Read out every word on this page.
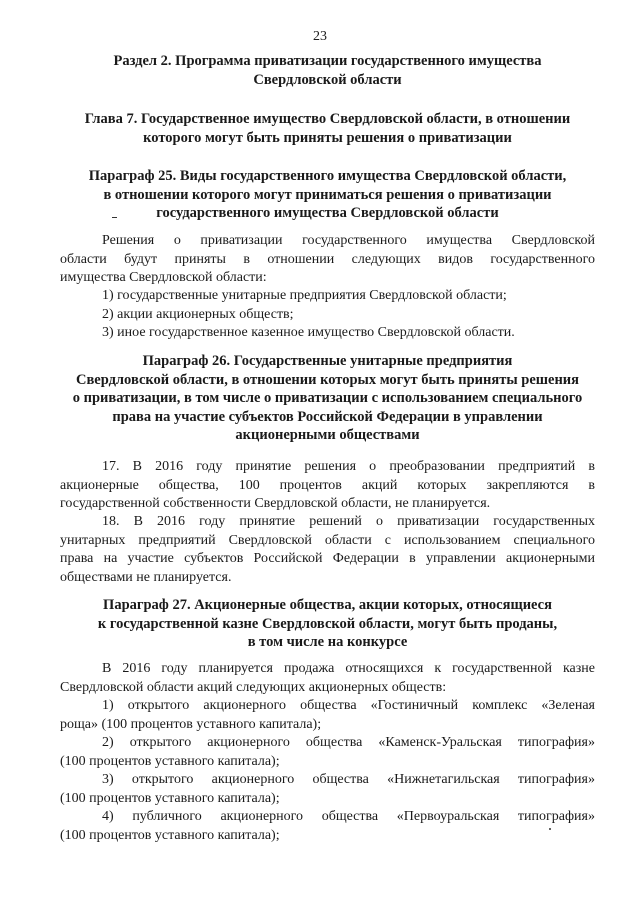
23
Раздел 2. Программа приватизации государственного имущества
Свердловской области
Глава 7. Государственное имущество Свердловской области, в отношении
которого могут быть приняты решения о приватизации
Параграф 25. Виды государственного имущества Свердловской области,
в отношении которого могут приниматься решения о приватизации
государственного имущества Свердловской области
Решения о приватизации государственного имущества Свердловской
области будут приняты в отношении следующих видов государственного
имущества Свердловской области:
1) государственные унитарные предприятия Свердловской области;
2) акции акционерных обществ;
3) иное государственное казенное имущество Свердловской области.
Параграф 26. Государственные унитарные предприятия
Свердловской области, в отношении которых могут быть приняты решения
о приватизации, в том числе о приватизации с использованием специального
права на участие субъектов Российской Федерации в управлении
акционерными обществами
17. В 2016 году принятие решения о преобразовании предприятий в
акционерные общества, 100 процентов акций которых закрепляются в
государственной собственности Свердловской области, не планируется.
18. В 2016 году принятие решений о приватизации государственных
унитарных предприятий Свердловской области с использованием специального
права на участие субъектов Российской Федерации в управлении акционерными
обществами не планируется.
Параграф 27. Акционерные общества, акции которых, относящиеся
к государственной казне Свердловской области, могут быть проданы,
в том числе на конкурсе
В 2016 году планируется продажа относящихся к государственной казне
Свердловской области акций следующих акционерных обществ:
1) открытого акционерного общества «Гостиничный комплекс «Зеленая
роща» (100 процентов уставного капитала);
2) открытого акционерного общества «Каменск-Уральская типография»
(100 процентов уставного капитала);
3) открытого акционерного общества «Нижнетагильская типография»
(100 процентов уставного капитала);
4) публичного акционерного общества «Первоуральская типография»
(100 процентов уставного капитала);
